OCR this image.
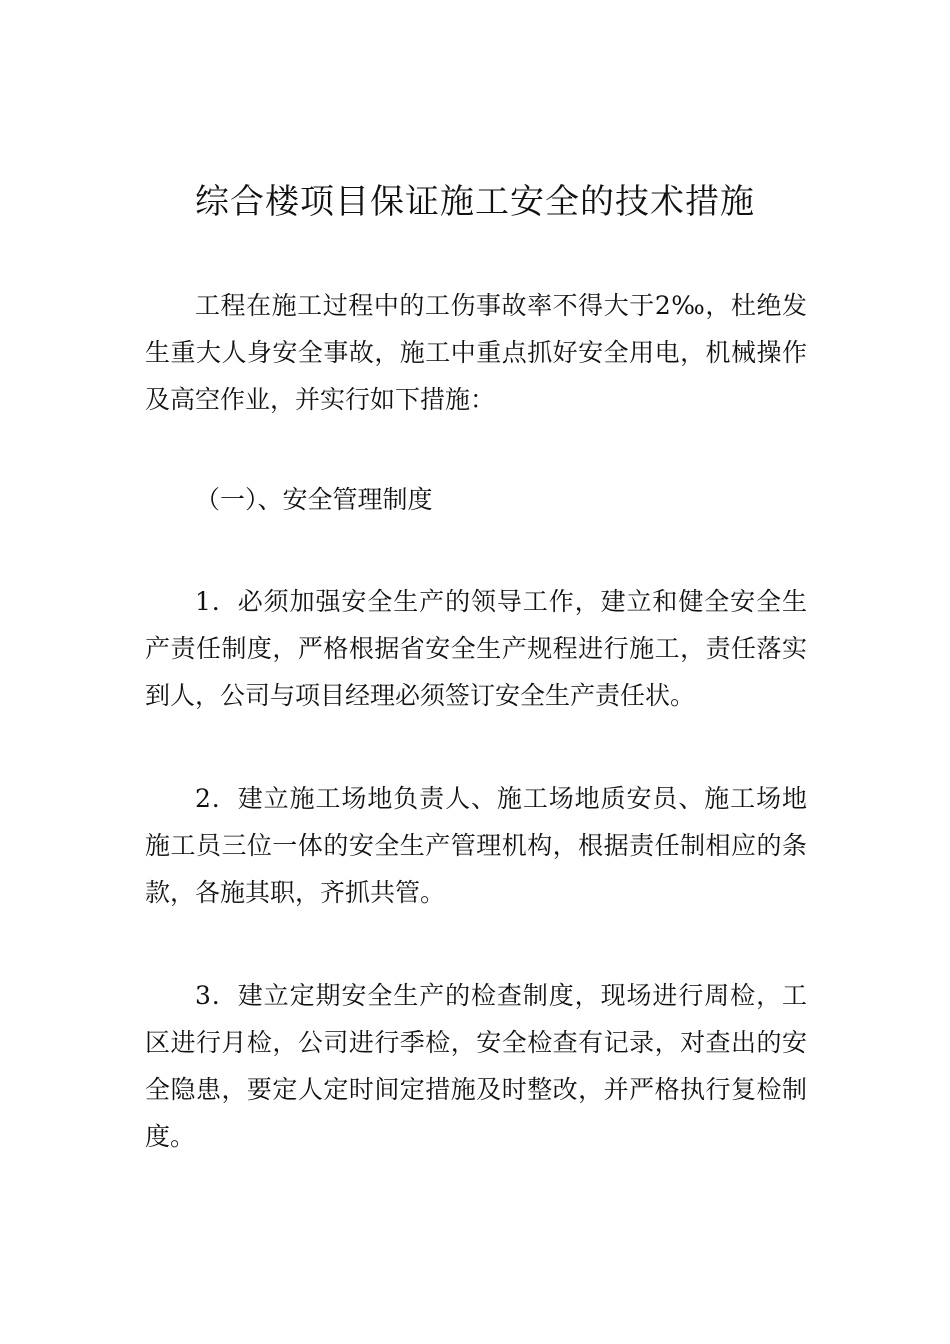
综合楼项目保证施工安全的技术措施

工程在施工过程中的工伤事故率不得大于2‰，杜绝发生重大人身安全事故，施工中重点抓好安全用电，机械操作及高空作业，并实行如下措施：

（一）、安全管理制度

1．必须加强安全生产的领导工作，建立和健全安全生产责任制度，严格根据省安全生产规程进行施工，责任落实到人，公司与项目经理必须签订安全生产责任状。

2．建立施工场地负责人、施工场地质安员、施工场地施工员三位一体的安全生产管理机构，根据责任制相应的条款，各施其职，齐抓共管。

3．建立定期安全生产的检查制度，现场进行周检，工区进行月检，公司进行季检，安全检查有记录，对查出的安全隐患，要定人定时间定措施及时整改，并严格执行复检制度。
